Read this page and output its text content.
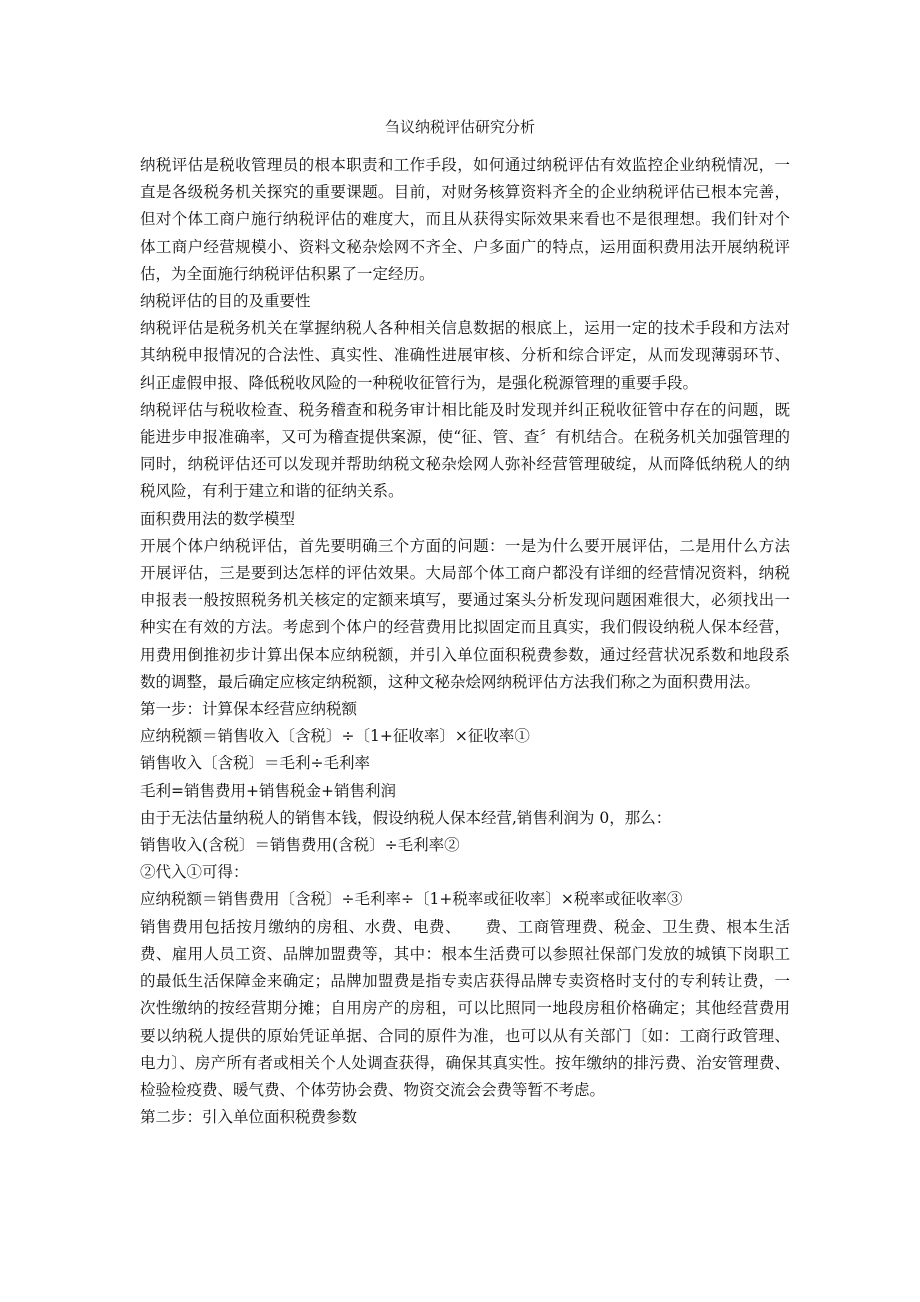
刍议纳税评估研究分析

纳税评估是税收管理员的根本职责和工作手段，如何通过纳税评估有效监控企业纳税情况，一直是各级税务机关探究的重要课题。目前，对财务核算资料齐全的企业纳税评估已根本完善，但对个体工商户施行纳税评估的难度大，而且从获得实际效果来看也不是很理想。我们针对个体工商户经营规模小、资料文秘杂烩网不齐全、户多面广的特点，运用面积费用法开展纳税评估，为全面施行纳税评估积累了一定经历。

纳税评估的目的及重要性

纳税评估是税务机关在掌握纳税人各种相关信息数据的根底上，运用一定的技术手段和方法对其纳税申报情况的合法性、真实性、准确性进展审核、分析和综合评定，从而发现薄弱环节、纠正虚假申报、降低税收风险的一种税收征管行为，是强化税源管理的重要手段。

纳税评估与税收检查、税务稽查和税务审计相比能及时发现并纠正税收征管中存在的问题，既能进步申报准确率，又可为稽查提供案源，使“征、管、查〞有机结合。在税务机关加强管理的同时，纳税评估还可以发现并帮助纳税文秘杂烩网人弥补经营管理破绽，从而降低纳税人的纳税风险，有利于建立和谐的征纳关系。

面积费用法的数学模型

开展个体户纳税评估，首先要明确三个方面的问题：一是为什么要开展评估，二是用什么方法开展评估，三是要到达怎样的评估效果。大局部个体工商户都没有详细的经营情况资料，纳税申报表一般按照税务机关核定的定额来填写，要通过案头分析发现问题困难很大，必须找出一种实在有效的方法。考虑到个体户的经营费用比拟固定而且真实，我们假设纳税人保本经营，用费用倒推初步计算出保本应纳税额，并引入单位面积税费参数，通过经营状况系数和地段系数的调整，最后确定应核定纳税额，这种文秘杂烩网纳税评估方法我们称之为面积费用法。

第一步：计算保本经营应纳税额

应纳税额＝销售收入〔含税〕÷〔1+征收率〕×征收率①

销售收入〔含税〕＝毛利÷毛利率

毛利=销售费用+销售税金+销售利润

由于无法估量纳税人的销售本钱，假设纳税人保本经营,销售利润为 0，那么：

销售收入(含税〕＝销售费用(含税〕÷毛利率②

②代入①可得：

应纳税额＝销售费用〔含税〕÷毛利率÷〔1+税率或征收率〕×税率或征收率③

销售费用包括按月缴纳的房租、水费、电费、　　费、工商管理费、税金、卫生费、根本生活费、雇用人员工资、品牌加盟费等，其中：根本生活费可以参照社保部门发放的城镇下岗职工的最低生活保障金来确定；品牌加盟费是指专卖店获得品牌专卖资格时支付的专利转让费，一次性缴纳的按经营期分摊；自用房产的房租，可以比照同一地段房租价格确定；其他经营费用要以纳税人提供的原始凭证单据、合同的原件为准，也可以从有关部门〔如：工商行政管理、电力〕、房产所有者或相关个人处调查获得，确保其真实性。按年缴纳的排污费、治安管理费、检验检疫费、暖气费、个体劳协会费、物资交流会会费等暂不考虑。

第二步：引入单位面积税费参数
